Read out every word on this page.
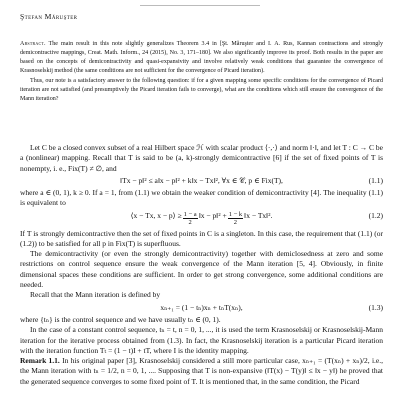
Ştefan Măruşter

Abstract. The main result in this note slightly generalizes Theorem 3.4 in [Şt. Măruşter and I. A. Rus, Kannan contractions and strongly demicontractive mappings, Creat. Math. Inform., 24 (2015), No. 3, 171–180]. We also significantly improve its proof. Both results in the paper are based on the concepts of demicontractivity and quasi-expansivity and involve relatively weak conditions that guarantee the convergence of Krasnoselskij method (the same conditions are not sufficient for the convergence of Picard iteration).

Thus, our note is a satisfactory answer to the following question: if for a given mapping some specific conditions for the convergence of Picard iteration are not satisfied (and presumptively the Picard iteration fails to converge), what are the conditions which still ensure the convergence of the Mann iteration?

Let C be a closed convex subset of a real Hilbert space ℋ with scalar product ⟨·,·⟩ and norm ‖·‖, and let T : C → C be a (nonlinear) mapping. Recall that T is said to be (a, k)-strongly demicontractive [6] if the set of fixed points of T is nonempty, i. e., Fix(T) ≠ ∅, and

‖Tx − p‖² ≤ a‖x − p‖² + k‖x − Tx‖², ∀x ∈ 𝒞, p ∈ Fix(T),	(1.1)

where a ∈ (0, 1), k ≥ 0. If a = 1, from (1.1) we obtain the weaker condition of demicontractivity [4]. The inequality (1.1) is equivalent to

⟨x − Tx, x − p⟩ ≥ $\frac{1 - a}{2}$ ‖x − p‖² + $\frac{1 - k}{2}$ ‖x − Tx‖².	(1.2)

If T is strongly demicontractive then the set of fixed points in C is a singleton. In this case, the requirement that (1.1) (or (1.2)) to be satisfied for all p in Fix(T) is superfluous.

The demicontractivity (or even the strongly demicontractivity) together with demiclosedness at zero and some restrictions on control sequence ensure the weak convergence of the Mann iteration [5, 4]. Obviously, in finite dimensional spaces these conditions are sufficient. In order to get strong convergence, some additional conditions are needed.

Recall that the Mann iteration is defined by

xₙ₊₁ = (1 − tₙ)xₙ + tₙT(xₙ),	(1.3)

where {tₙ} is the control sequence and we have usually tₙ ∈ (0, 1).

In the case of a constant control sequence, tₙ = t, n = 0, 1, ..., it is used the term Krasnoselskij or Krasnoselskij-Mann iteration for the iterative process obtained from (1.3). In fact, the Krasnoselskij iteration is a particular Picard iteration with the iteration function Tₜ = (1 − t)I + tT, where I is the identity mapping.

Remark 1.1. In his original paper [3], Krasnoselskij considered a still more particular case, xₙ₊₁ = (T(xₙ) + xₙ)/2, i.e., the Mann iteration with tₙ = 1/2, n = 0, 1, .... Supposing that T is non-expansive (‖T(x) − T(y)‖ ≤ ‖x − y‖) he proved that the generated sequence converges to some fixed point of T. It is mentioned that, in the same condition, the Picard
